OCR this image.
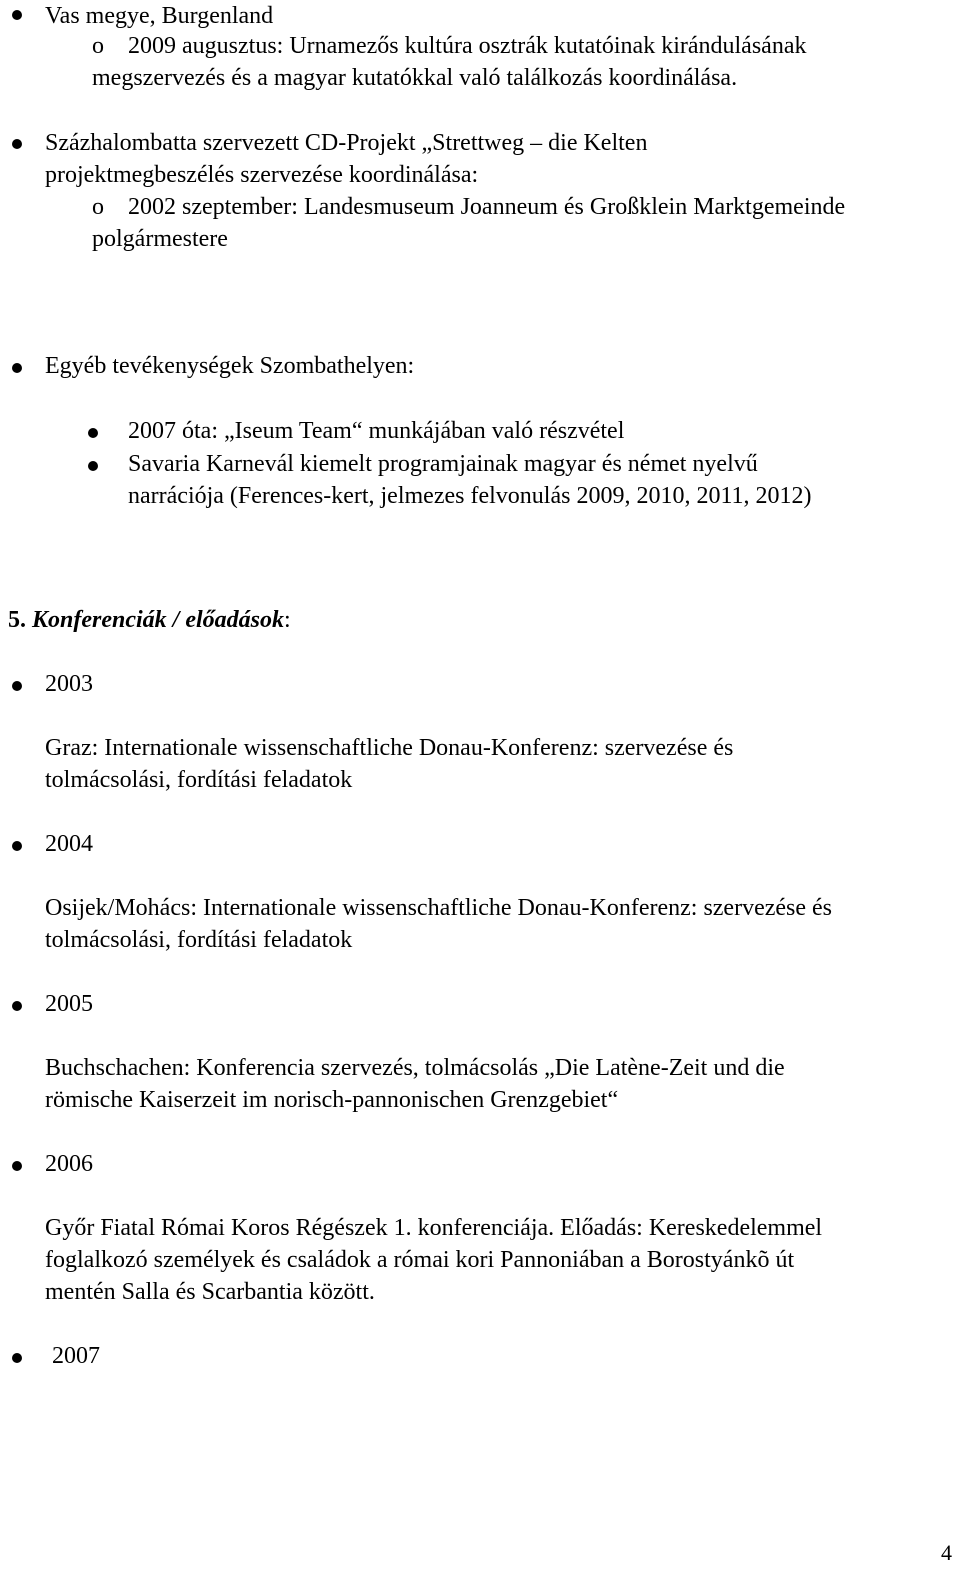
Vas megye, Burgenland
o 2009 augusztus: Urnamezős kultúra osztrák kutatóinak kirándulásának
megszervezés és a magyar kutatókkal való találkozás koordinálása.
Százhalombatta szervezett CD-Projekt „Strettweg – die Kelten
projektmegbeszélés szervezése koordinálása:
o 2002 szeptember: Landesmuseum Joanneum és Großklein Marktgemeinde
polgármestere
Egyéb tevékenységek Szombathelyen:
2007 óta: „Iseum Team“ munkájában való részvétel
Savaria Karnevál kiemelt programjainak magyar és német nyelvű
narrációja (Ferences-kert, jelmezes felvonulás 2009, 2010, 2011, 2012)
5. Konferenciák / előadások:
2003
Graz: Internationale wissenschaftliche Donau-Konferenz: szervezése és
tolmácsolási, fordítási feladatok
2004
Osijek/Mohács: Internationale wissenschaftliche Donau-Konferenz: szervezése és
tolmácsolási, fordítási feladatok
2005
Buchschachen: Konferencia szervezés, tolmácsolás „Die Latène-Zeit und die
römische Kaiserzeit im norisch-pannonischen Grenzgebiet“
2006
Győr Fiatal Római Koros Régészek 1. konferenciája. Előadás: Kereskedelemmel
foglalkozó személyek és családok a római kori Pannoniában a Borostyánkõ út
mentén Salla és Scarbantia között.
2007
4
